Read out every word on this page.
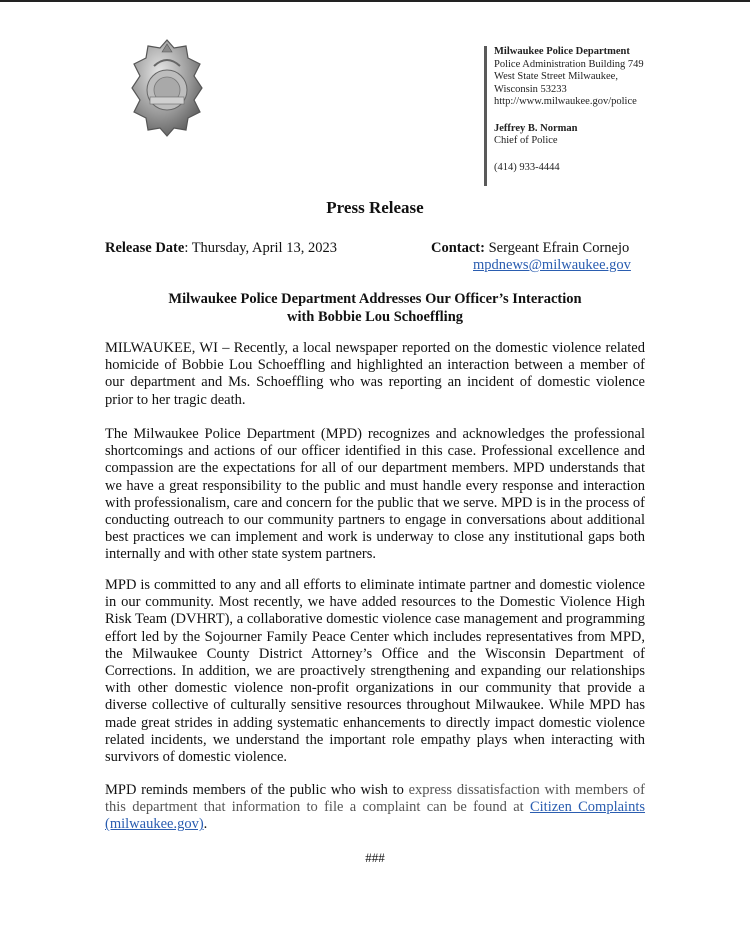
Milwaukee Police Department
Police Administration Building 749
West State Street Milwaukee,
Wisconsin 53233
http://www.milwaukee.gov/police
Jeffrey B. Norman
Chief of Police
(414) 933-4444
Press Release
Release Date: Thursday, April 13, 2023	Contact: Sergeant Efrain Cornejo
mpdnews@milwaukee.gov
Milwaukee Police Department Addresses Our Officer’s Interaction
with Bobbie Lou Schoeffling
MILWAUKEE, WI – Recently, a local newspaper reported on the domestic violence related homicide of Bobbie Lou Schoeffling and highlighted an interaction between a member of our department and Ms. Schoeffling who was reporting an incident of domestic violence prior to her tragic death.
The Milwaukee Police Department (MPD) recognizes and acknowledges the professional shortcomings and actions of our officer identified in this case. Professional excellence and compassion are the expectations for all of our department members. MPD understands that we have a great responsibility to the public and must handle every response and interaction with professionalism, care and concern for the public that we serve. MPD is in the process of conducting outreach to our community partners to engage in conversations about additional best practices we can implement and work is underway to close any institutional gaps both internally and with other state system partners.
MPD is committed to any and all efforts to eliminate intimate partner and domestic violence in our community. Most recently, we have added resources to the Domestic Violence High Risk Team (DVHRT), a collaborative domestic violence case management and programming effort led by the Sojourner Family Peace Center which includes representatives from MPD, the Milwaukee County District Attorney’s Office and the Wisconsin Department of Corrections. In addition, we are proactively strengthening and expanding our relationships with other domestic violence non-profit organizations in our community that provide a diverse collective of culturally sensitive resources throughout Milwaukee. While MPD has made great strides in adding systematic enhancements to directly impact domestic violence related incidents, we understand the important role empathy plays when interacting with survivors of domestic violence.
MPD reminds members of the public who wish to express dissatisfaction with members of this department that information to file a complaint can be found at Citizen Complaints (milwaukee.gov).
###
